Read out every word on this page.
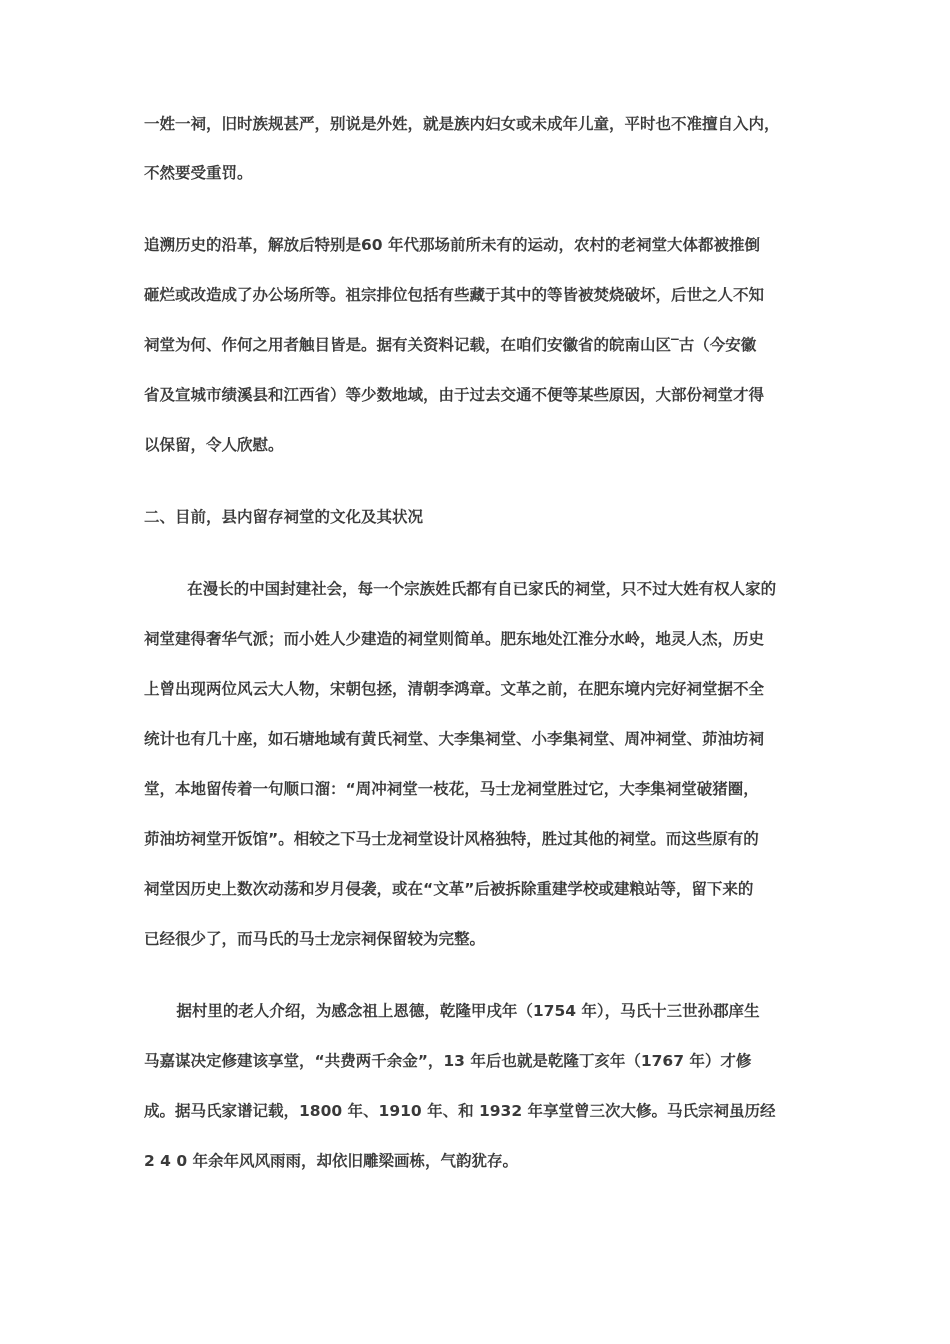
一姓一祠，旧时族规甚严，别说是外姓，就是族内妇女或未成年儿童，平时也不准擅自入内，
不然要受重罚。
追溯历史的沿革，解放后特别是60 年代那场前所未有的运动，农村的老祠堂大体都被推倒
砸烂或改造成了办公场所等。祖宗排位包括有些藏于其中的等皆被焚烧破坏，后世之人不知
祠堂为何、作何之用者触目皆是。据有关资料记载，在咱们安徽省的皖南山区‾古（今安徽
省及宣城市绩溪县和江西省）等少数地域，由于过去交通不便等某些原因，大部份祠堂才得
以保留，令人欣慰。
二、目前，县内留存祠堂的文化及其状况
在漫长的中国封建社会，每一个宗族姓氏都有自已家氏的祠堂，只不过大姓有权人家的
祠堂建得奢华气派；而小姓人少建造的祠堂则简单。肥东地处江淮分水岭，地灵人杰，历史
上曾出现两位风云大人物，宋朝包拯，清朝李鸿章。文革之前，在肥东境内完好祠堂据不全
统计也有几十座，如石塘地域有黄氏祠堂、大李集祠堂、小李集祠堂、周冲祠堂、茆油坊祠
堂，本地留传着一句顺口溜：“周冲祠堂一枝花，马士龙祠堂胜过它，大李集祠堂破猪圈，
茆油坊祠堂开饭馆”。相较之下马士龙祠堂设计风格独特，胜过其他的祠堂。而这些原有的
祠堂因历史上数次动荡和岁月侵袭，或在“文革”后被拆除重建学校或建粮站等，留下来的
已经很少了，而马氏的马士龙宗祠保留较为完整。
据村里的老人介绍，为感念祖上恩德，乾隆甲戌年（1754 年），马氏十三世孙郡庠生
马嘉谋决定修建该享堂，“共费两千余金”，13 年后也就是乾隆丁亥年（1767 年）才修
成。据马氏家谱记载，1800 年、1910 年、和 1932 年享堂曾三次大修。马氏宗祠虽历经
2 4 0 年余年风风雨雨，却依旧雕梁画栋，气韵犹存。
